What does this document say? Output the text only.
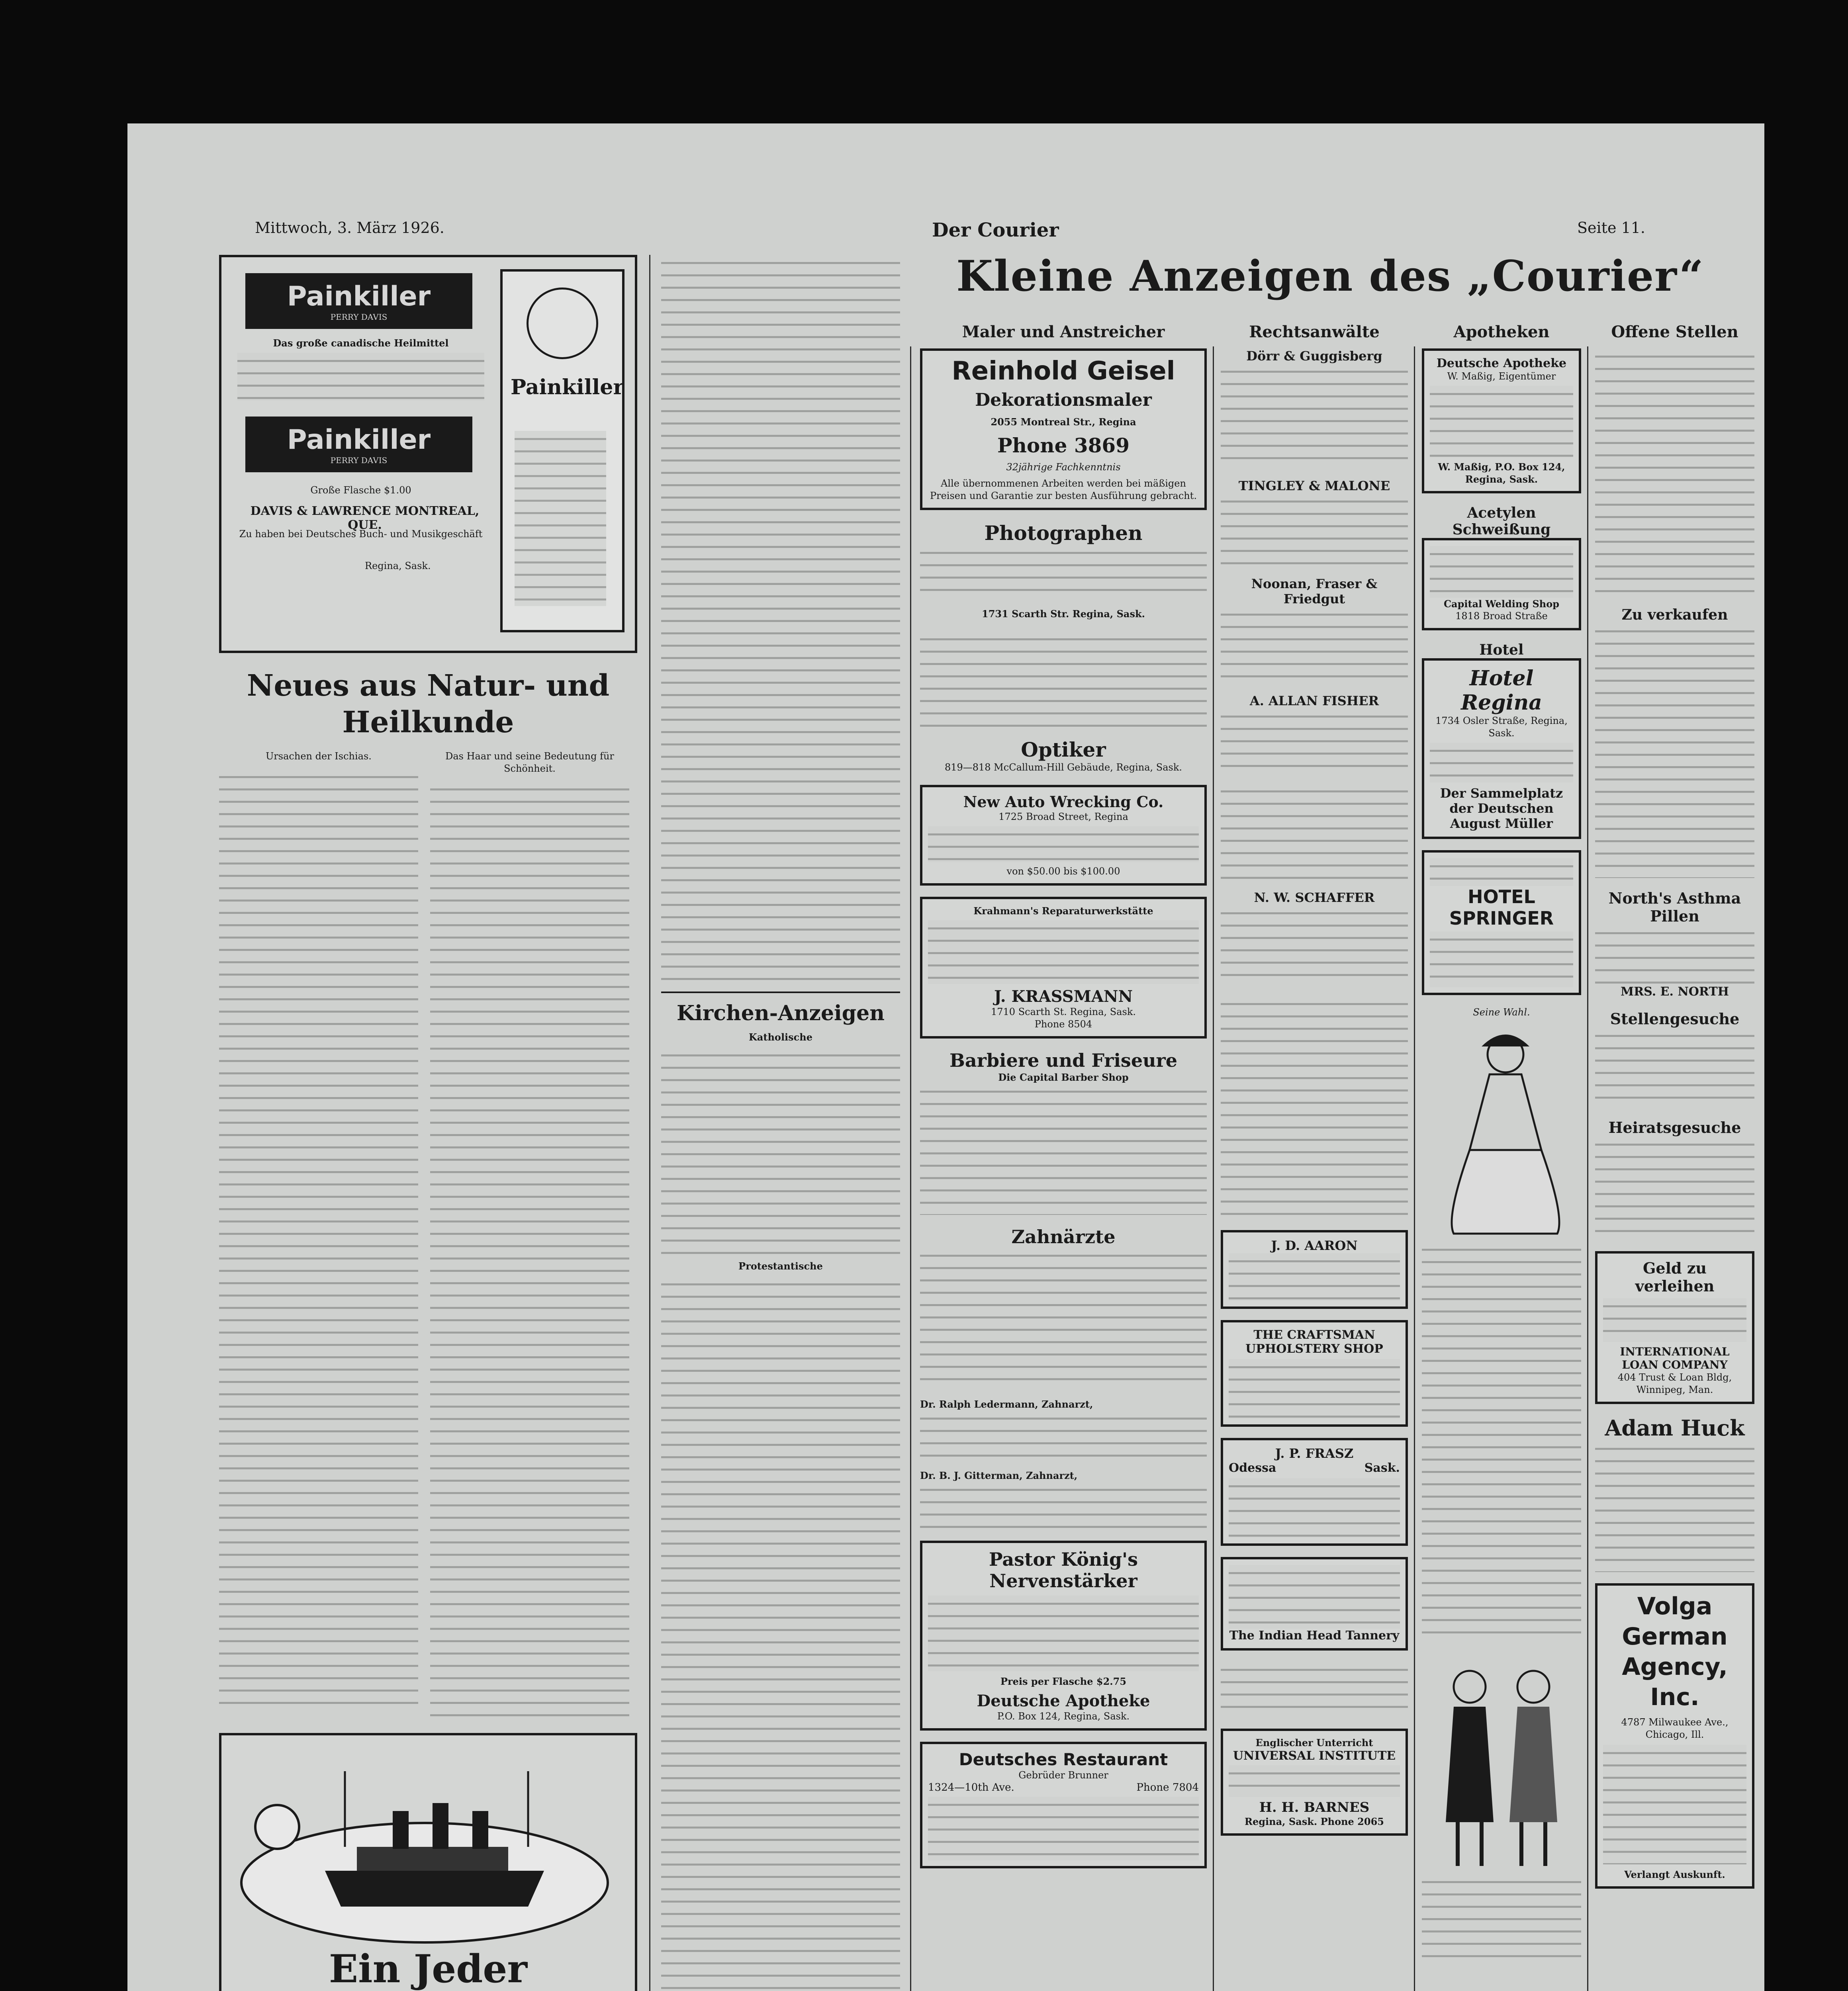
Mittwoch, 3. März 1926.	Der Courier	Seite 11.
Kleine Anzeigen des „Courier“
Painkiller
PERRY DAVIS
Das große canadische Heilmittel
Painkiller
PERRY DAVIS
Große Flasche $1.00
DAVIS & LAWRENCE MONTREAL, QUE.
Zu haben bei Deutsches Buch- und Musikgeschäft
Regina, Sask.
Painkiller
Neues aus Natur- und Heilkunde
Ursachen der Ischias.	Das Haar und seine Bedeutung für Schönheit.
Ein Jeder
Kirchen-Anzeigen
Katholische
Protestantische
Maler und Anstreicher
Reinhold Geisel
Dekorationsmaler
2055 Montreal Str., Regina
Phone 3869
32jährige Fachkenntnis
Alle übernommenen Arbeiten werden bei mäßigen Preisen und Garantie zur besten Ausführung gebracht.
Photographen
1731 Scarth Str. Regina, Sask.
Optiker
819—818 McCallum-Hill Gebäude, Regina, Sask.
New Auto Wrecking Co.
1725 Broad Street, Regina
von $50.00 bis $100.00
Krahmann's Reparaturwerkstätte
J. KRASSMANN
1710 Scarth St. Regina, Sask.
Phone 8504
Barbiere und Friseure
Die Capital Barber Shop
Zahnärzte
Dr. Ralph Ledermann, Zahnarzt,
Dr. B. J. Gitterman, Zahnarzt,
Pastor König's Nervenstärker
Preis per Flasche $2.75
Deutsche Apotheke
P.O. Box 124, Regina, Sask.
Deutsches Restaurant
Gebrüder Brunner
1324—10th Ave.	Phone 7804
Rechtsanwälte
Dörr & Guggisberg
TINGLEY & MALONE
Noonan, Fraser & Friedgut
A. ALLAN FISHER
N. W. SCHAFFER
J. D. AARON
THE CRAFTSMAN UPHOLSTERY SHOP
J. P. FRASZ
Odessa	Sask.
The Indian Head Tannery
Englischer Unterricht
UNIVERSAL INSTITUTE
H. H. BARNES
Regina, Sask. Phone 2065
Apotheken
Deutsche Apotheke
W. Maßig, Eigentümer
W. Maßig, P.O. Box 124, Regina, Sask.
Acetylen Schweißung
Capital Welding Shop
1818 Broad Straße
Hotel
Hotel Regina
1734 Osler Straße, Regina, Sask.
Der Sammelplatz der Deutschen
August Müller
HOTEL SPRINGER
Seine Wahl.
Offene Stellen
Zu verkaufen
North's Asthma Pillen
MRS. E. NORTH
Stellengesuche
Heiratsgesuche
Geld zu verleihen
INTERNATIONAL LOAN COMPANY
404 Trust & Loan Bldg, Winnipeg, Man.
Adam Huck
Volga German Agency, Inc.
4787 Milwaukee Ave., Chicago, Ill.
Verlangt Auskunft.
